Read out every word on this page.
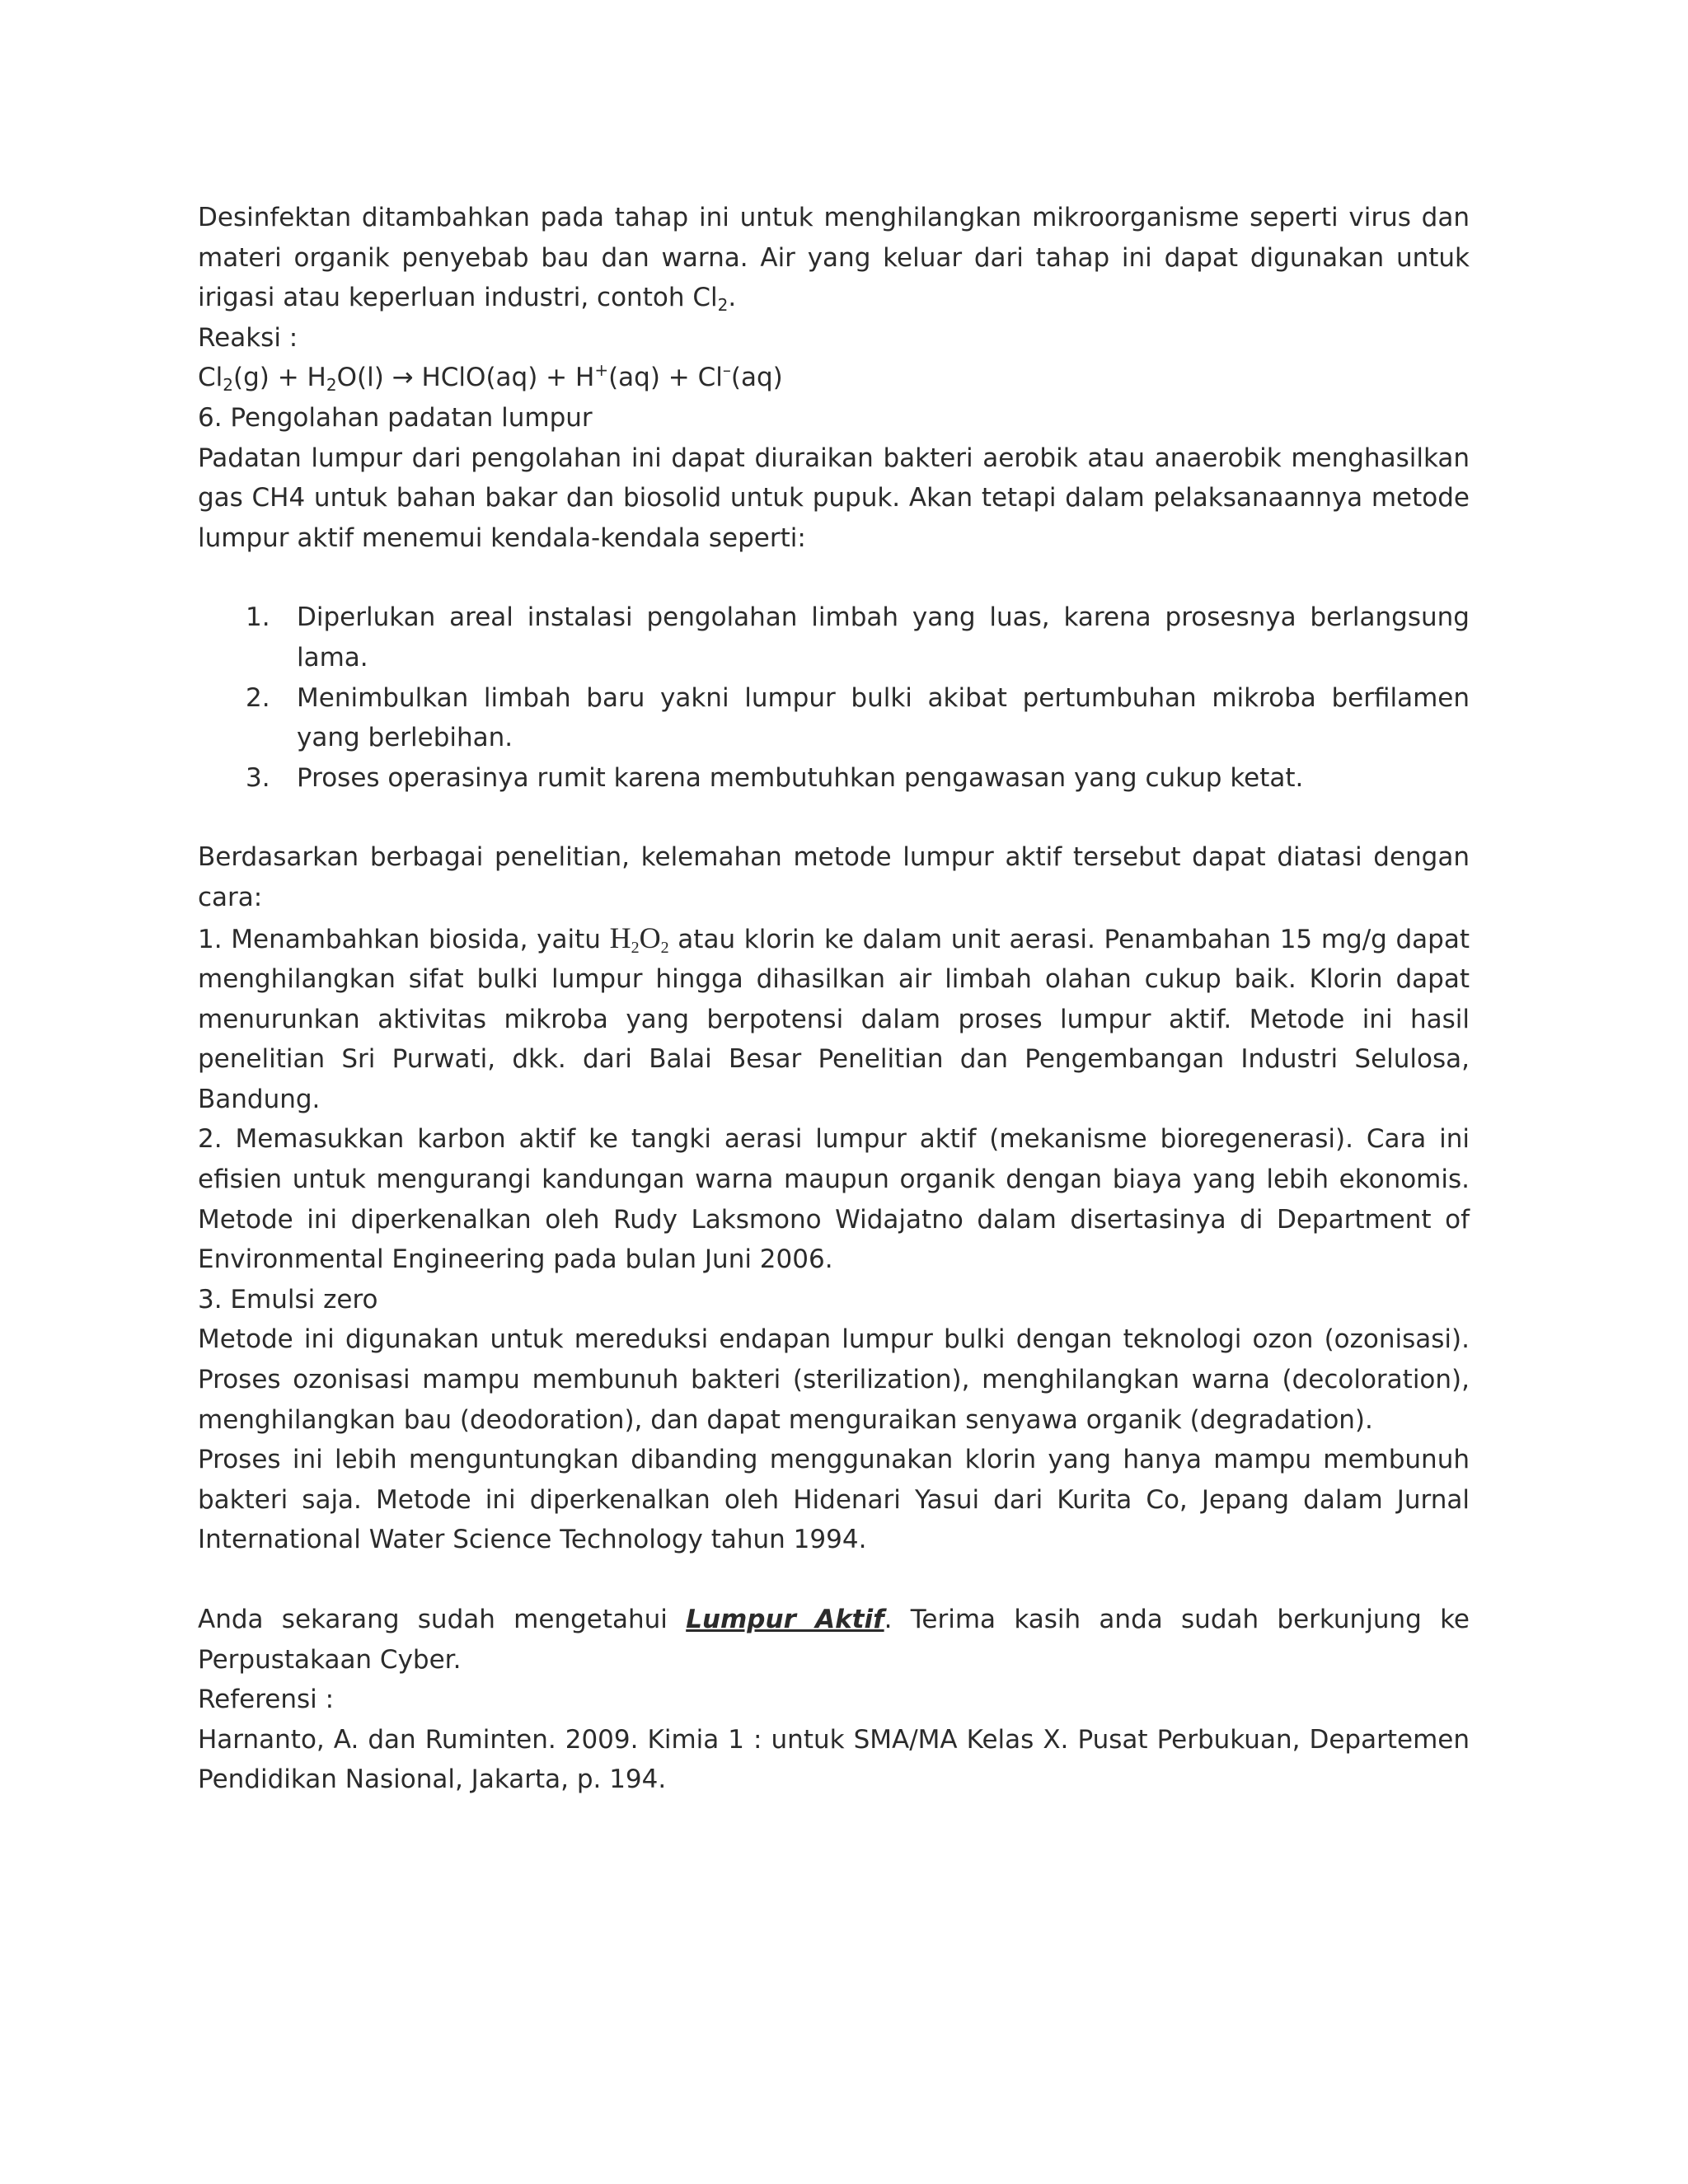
Desinfektan ditambahkan pada tahap ini untuk menghilangkan mikroorganisme seperti virus dan materi organik penyebab bau dan warna. Air yang keluar dari tahap ini dapat digunakan untuk irigasi atau keperluan industri, contoh $Cl_2$.

Reaksi :

$Cl_2(g) + H_2O(l)$ → HClO(aq) + H+(aq) + Cl–(aq)

6. Pengolahan padatan lumpur

Padatan lumpur dari pengolahan ini dapat diuraikan bakteri aerobik atau anaerobik menghasilkan gas CH4 untuk bahan bakar dan biosolid untuk pupuk. Akan tetapi dalam pelaksanaannya metode lumpur aktif menemui kendala-kendala seperti:

1. Diperlukan areal instalasi pengolahan limbah yang luas, karena prosesnya berlangsung lama.
2. Menimbulkan limbah baru yakni lumpur bulki akibat pertumbuhan mikroba berfilamen yang berlebihan.
3. Proses operasinya rumit karena membutuhkan pengawasan yang cukup ketat.

Berdasarkan berbagai penelitian, kelemahan metode lumpur aktif tersebut dapat diatasi dengan cara:

1. Menambahkan biosida, yaitu $H_2O_2$ atau klorin ke dalam unit aerasi. Penambahan 15 mg/g dapat menghilangkan sifat bulki lumpur hingga dihasilkan air limbah olahan cukup baik. Klorin dapat menurunkan aktivitas mikroba yang berpotensi dalam proses lumpur aktif. Metode ini hasil penelitian Sri Purwati, dkk. dari Balai Besar Penelitian dan Pengembangan Industri Selulosa, Bandung.

2. Memasukkan karbon aktif ke tangki aerasi lumpur aktif (mekanisme bioregenerasi). Cara ini efisien untuk mengurangi kandungan warna maupun organik dengan biaya yang lebih ekonomis. Metode ini diperkenalkan oleh Rudy Laksmono Widajatno dalam disertasinya di Department of Environmental Engineering pada bulan Juni 2006.

3. Emulsi zero

Metode ini digunakan untuk mereduksi endapan lumpur bulki dengan teknologi ozon (ozonisasi). Proses ozonisasi mampu membunuh bakteri (sterilization), menghilangkan warna (decoloration), menghilangkan bau (deodoration), dan dapat menguraikan senyawa organik (degradation).

Proses ini lebih menguntungkan dibanding menggunakan klorin yang hanya mampu membunuh bakteri saja. Metode ini diperkenalkan oleh Hidenari Yasui dari Kurita Co, Jepang dalam Jurnal International Water Science Technology tahun 1994.

Anda sekarang sudah mengetahui Lumpur Aktif. Terima kasih anda sudah berkunjung ke Perpustakaan Cyber.

Referensi :

Harnanto, A. dan Ruminten. 2009. Kimia 1 : untuk SMA/MA Kelas X. Pusat Perbukuan, Departemen Pendidikan Nasional, Jakarta, p. 194.
